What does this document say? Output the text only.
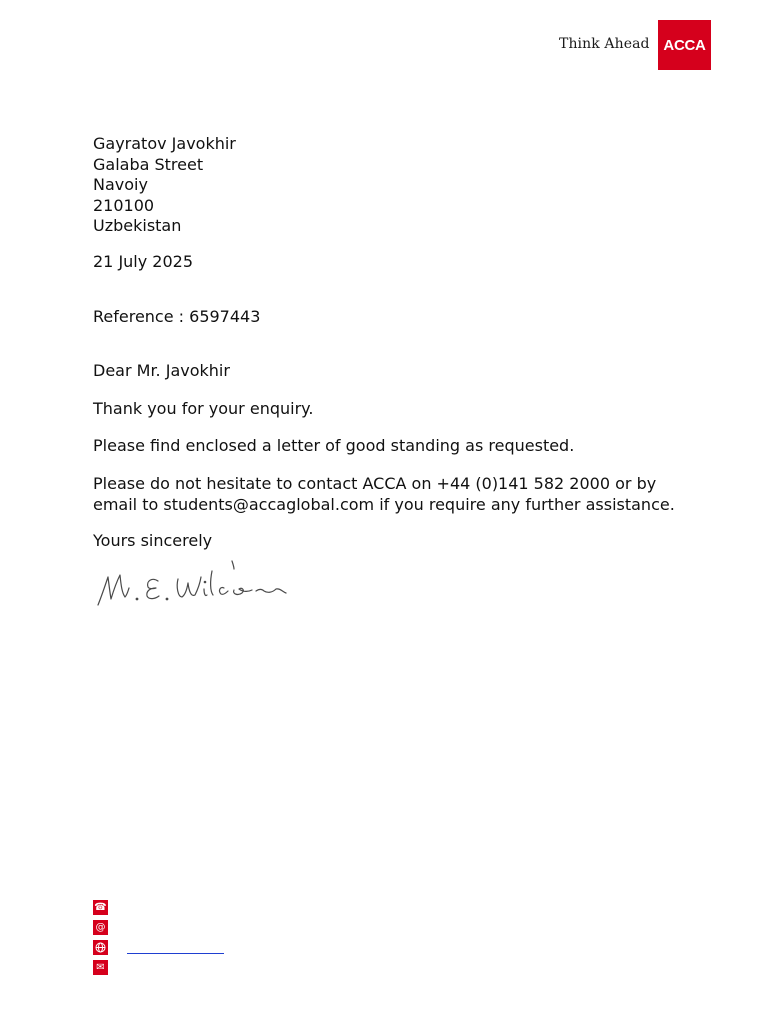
Think Ahead ACCA
Gayratov Javokhir
Galaba Street
Navoiy
210100
Uzbekistan
21 July 2025
Reference : 6597443
Dear Mr. Javokhir
Thank you for your enquiry.
Please find enclosed a letter of good standing as requested.
Please do not hesitate to contact ACCA on +44 (0)141 582 2000 or by email to students@accaglobal.com if you require any further assistance.
Yours sincerely
☎
@
✉
